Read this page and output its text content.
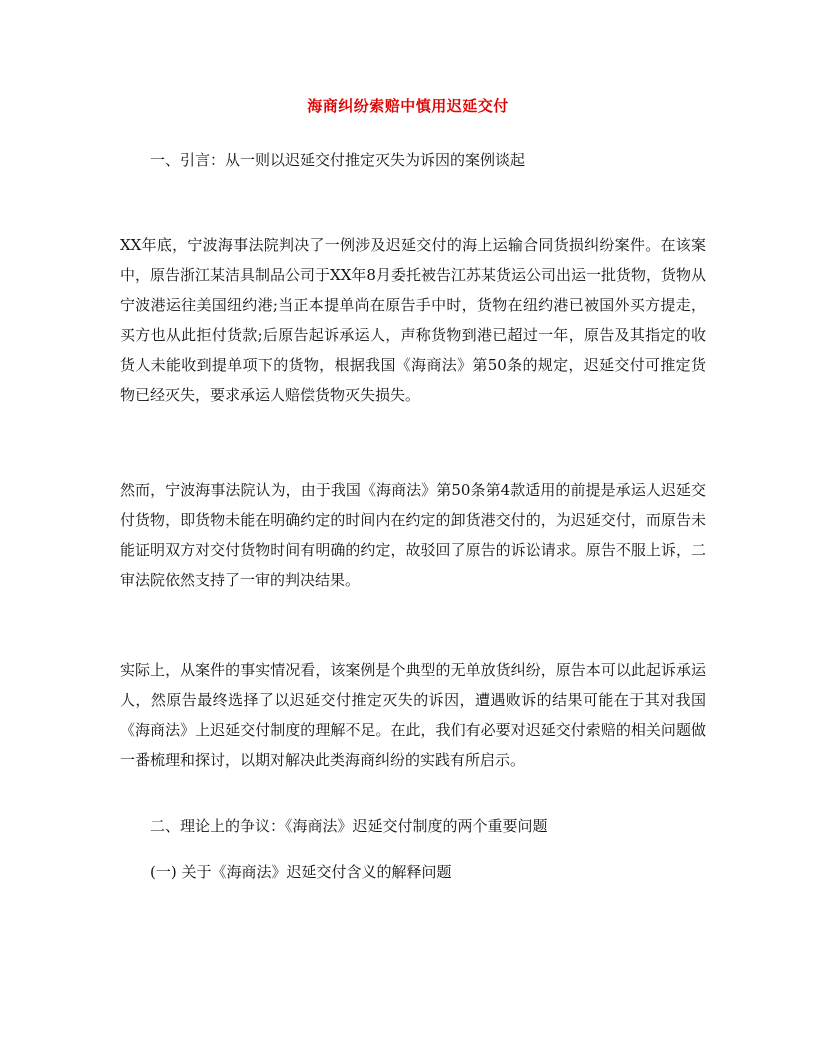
海商纠纷索赔中慎用迟延交付
一、引言：从一则以迟延交付推定灭失为诉因的案例谈起
XX年底，宁波海事法院判决了一例涉及迟延交付的海上运输合同货损纠纷案件。在该案中，原告浙江某洁具制品公司于XX年8月委托被告江苏某货运公司出运一批货物，货物从宁波港运往美国纽约港;当正本提单尚在原告手中时，货物在纽约港已被国外买方提走，买方也从此拒付货款;后原告起诉承运人，声称货物到港已超过一年，原告及其指定的收货人未能收到提单项下的货物，根据我国《海商法》第50条的规定，迟延交付可推定货物已经灭失，要求承运人赔偿货物灭失损失。
然而，宁波海事法院认为，由于我国《海商法》第50条第4款适用的前提是承运人迟延交付货物，即货物未能在明确约定的时间内在约定的卸货港交付的，为迟延交付，而原告未能证明双方对交付货物时间有明确的约定，故驳回了原告的诉讼请求。原告不服上诉，二审法院依然支持了一审的判决结果。
实际上，从案件的事实情况看，该案例是个典型的无单放货纠纷，原告本可以此起诉承运人，然原告最终选择了以迟延交付推定灭失的诉因，遭遇败诉的结果可能在于其对我国《海商法》上迟延交付制度的理解不足。在此，我们有必要对迟延交付索赔的相关问题做一番梳理和探讨，以期对解决此类海商纠纷的实践有所启示。
二、理论上的争议：《海商法》迟延交付制度的两个重要问题
(一) 关于《海商法》迟延交付含义的解释问题
